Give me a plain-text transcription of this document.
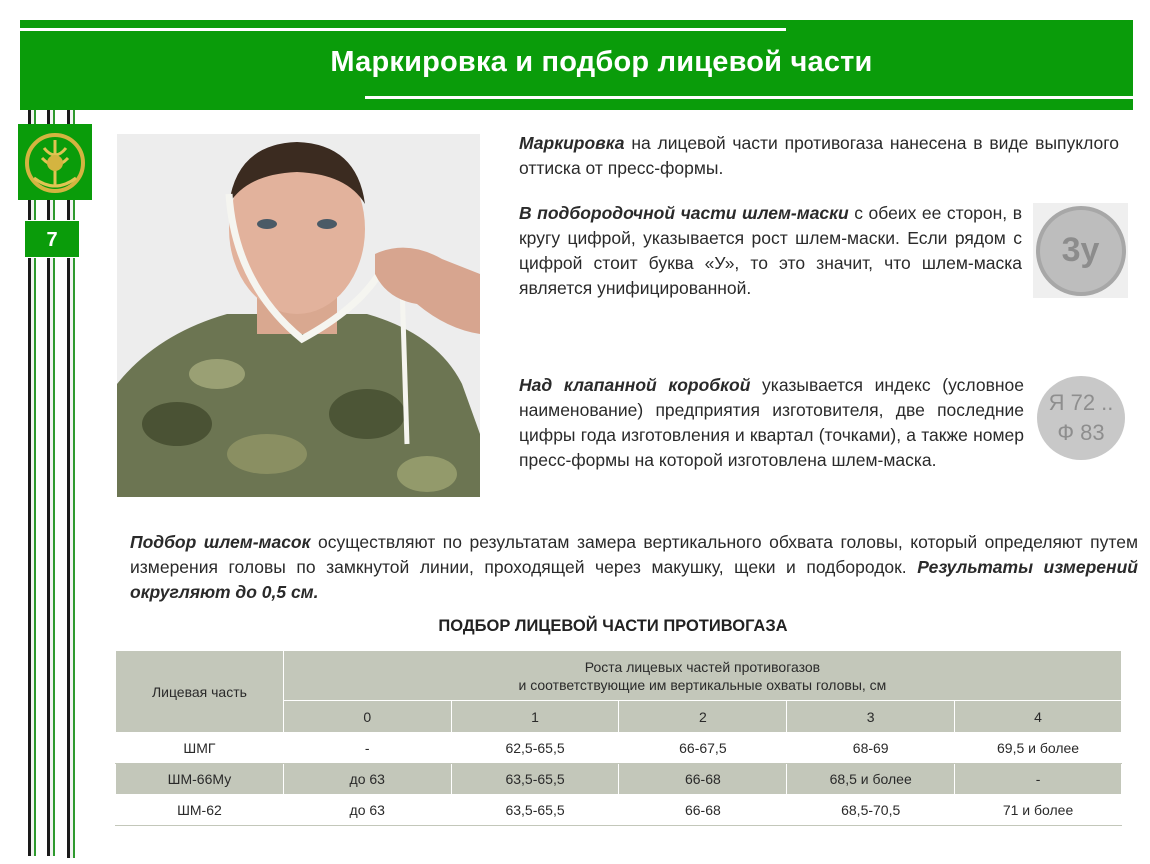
Маркировка и подбор лицевой части
7
Маркировка на лицевой части противогаза нанесена в виде выпуклого оттиска от пресс-формы.
В подбородочной части шлем-маски с обеих ее сторон, в кругу цифрой, указывается рост шлем-маски. Если рядом с цифрой стоит буква «У», то это значит, что шлем-маска является унифицированной.
3у
Над клапанной коробкой указывается индекс (условное наименование) предприятия изготовителя, две последние цифры года изготовления и квартал (точками), а также номер пресс-формы на которой изготовлена шлем-маска.
Я 72 ..
Ф 83
Подбор шлем-масок осуществляют по результатам замера вертикального обхвата головы, который определяют путем измерения головы по замкнутой линии, проходящей через макушку, щеки и подбородок. Результаты измерений округляют до 0,5 см.
ПОДБОР ЛИЦЕВОЙ ЧАСТИ ПРОТИВОГАЗА
Лицевая часть	Роста лицевых частей противогазов
и соответствующие им вертикальные охваты головы, см				
	0	1	2	3	4
ШМГ	-	62,5-65,5	66-67,5	68-69	69,5 и более
ШМ-66Му	до 63	63,5-65,5	66-68	68,5 и более	-
ШМ-62	до 63	63,5-65,5	66-68	68,5-70,5	71 и более
